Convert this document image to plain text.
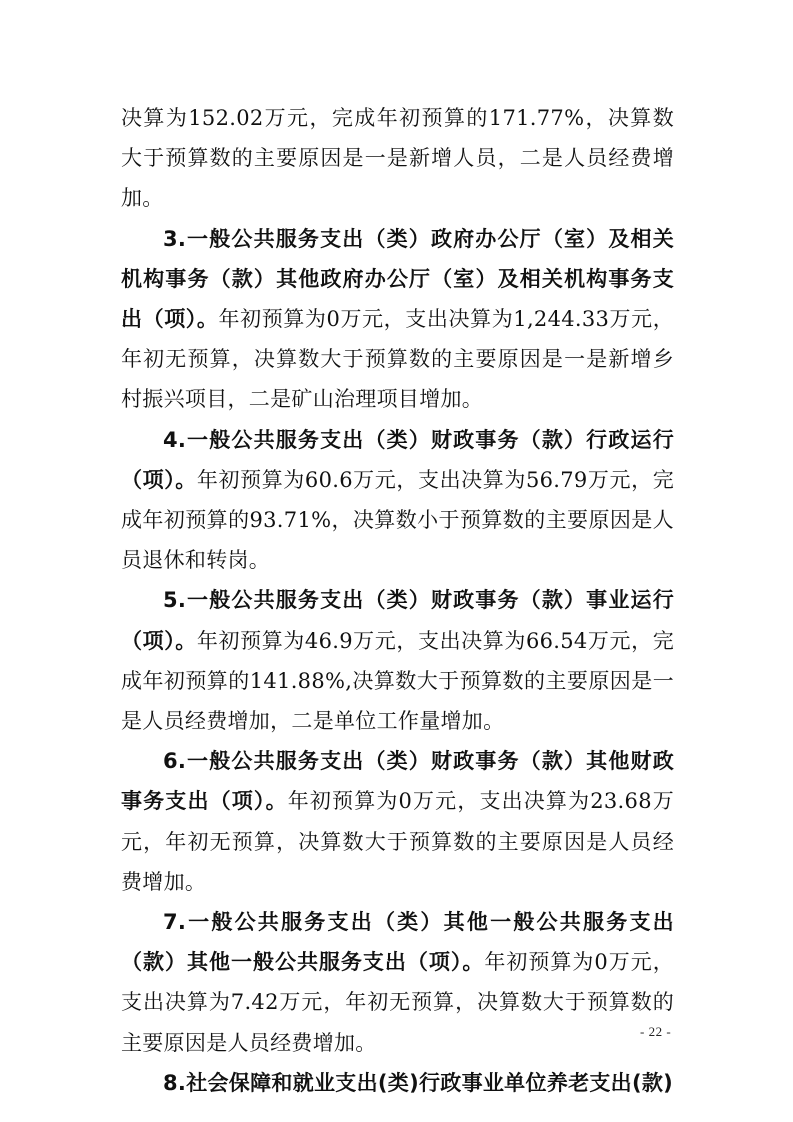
决算为152.02万元，完成年初预算的171.77%，决算数大于预算数的主要原因是一是新增人员，二是人员经费增加。

3.一般公共服务支出（类）政府办公厅（室）及相关机构事务（款）其他政府办公厅（室）及相关机构事务支出（项）。年初预算为0万元，支出决算为1,244.33万元，年初无预算，决算数大于预算数的主要原因是一是新增乡村振兴项目，二是矿山治理项目增加。

4.一般公共服务支出（类）财政事务（款）行政运行（项）。年初预算为60.6万元，支出决算为56.79万元，完成年初预算的93.71%，决算数小于预算数的主要原因是人员退休和转岗。

5.一般公共服务支出（类）财政事务（款）事业运行（项）。年初预算为46.9万元，支出决算为66.54万元，完成年初预算的141.88%,决算数大于预算数的主要原因是一是人员经费增加，二是单位工作量增加。

6.一般公共服务支出（类）财政事务（款）其他财政事务支出（项）。年初预算为0万元，支出决算为23.68万元，年初无预算，决算数大于预算数的主要原因是人员经费增加。

7.一般公共服务支出（类）其他一般公共服务支出（款）其他一般公共服务支出（项）。年初预算为0万元，支出决算为7.42万元，年初无预算，决算数大于预算数的主要原因是人员经费增加。

8.社会保障和就业支出(类)行政事业单位养老支出(款)

- 22 -
